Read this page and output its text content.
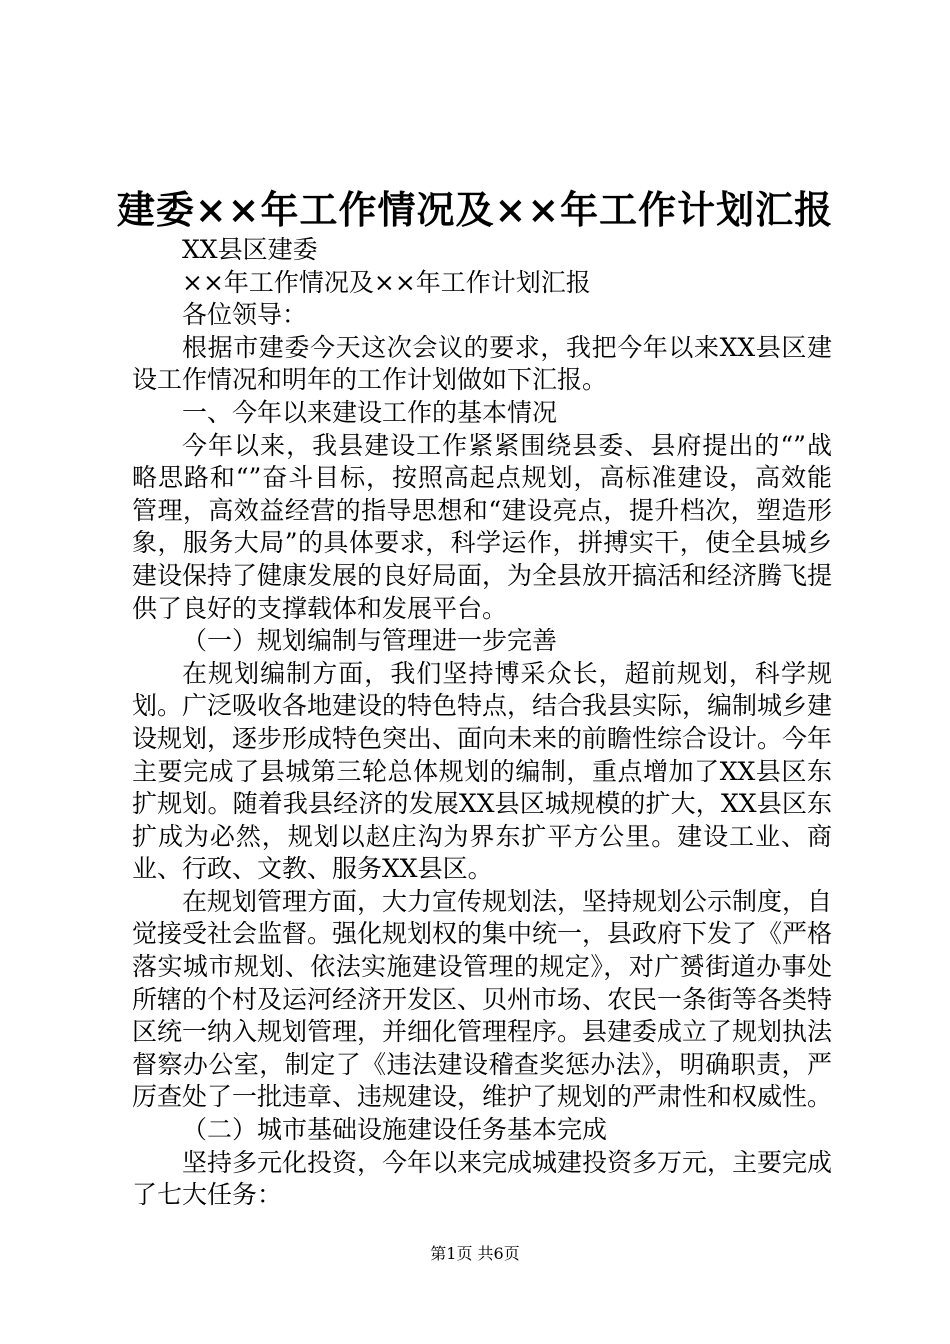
建委××年工作情况及××年工作计划汇报

XX县区建委

××年工作情况及××年工作计划汇报

各位领导：

根据市建委今天这次会议的要求，我把今年以来XX县区建设工作情况和明年的工作计划做如下汇报。

一、今年以来建设工作的基本情况

今年以来，我县建设工作紧紧围绕县委、县府提出的“”战略思路和“”奋斗目标，按照高起点规划，高标准建设，高效能管理，高效益经营的指导思想和“建设亮点，提升档次，塑造形象，服务大局”的具体要求，科学运作，拼搏实干，使全县城乡建设保持了健康发展的良好局面，为全县放开搞活和经济腾飞提供了良好的支撑载体和发展平台。

（一）规划编制与管理进一步完善

在规划编制方面，我们坚持博采众长，超前规划，科学规划。广泛吸收各地建设的特色特点，结合我县实际，编制城乡建设规划，逐步形成特色突出、面向未来的前瞻性综合设计。今年主要完成了县城第三轮总体规划的编制，重点增加了XX县区东扩规划。随着我县经济的发展XX县区城规模的扩大，XX县区东扩成为必然，规划以赵庄沟为界东扩平方公里。建设工业、商业、行政、文教、服务XX县区。

在规划管理方面，大力宣传规划法，坚持规划公示制度，自觉接受社会监督。强化规划权的集中统一，县政府下发了《严格落实城市规划、依法实施建设管理的规定》，对广赟街道办事处所辖的个村及运河经济开发区、贝州市场、农民一条街等各类特区统一纳入规划管理，并细化管理程序。县建委成立了规划执法督察办公室，制定了《违法建设稽查奖惩办法》，明确职责，严厉查处了一批违章、违规建设，维护了规划的严肃性和权威性。

（二）城市基础设施建设任务基本完成

坚持多元化投资，今年以来完成城建投资多万元，主要完成了七大任务：

第1页 共6页
